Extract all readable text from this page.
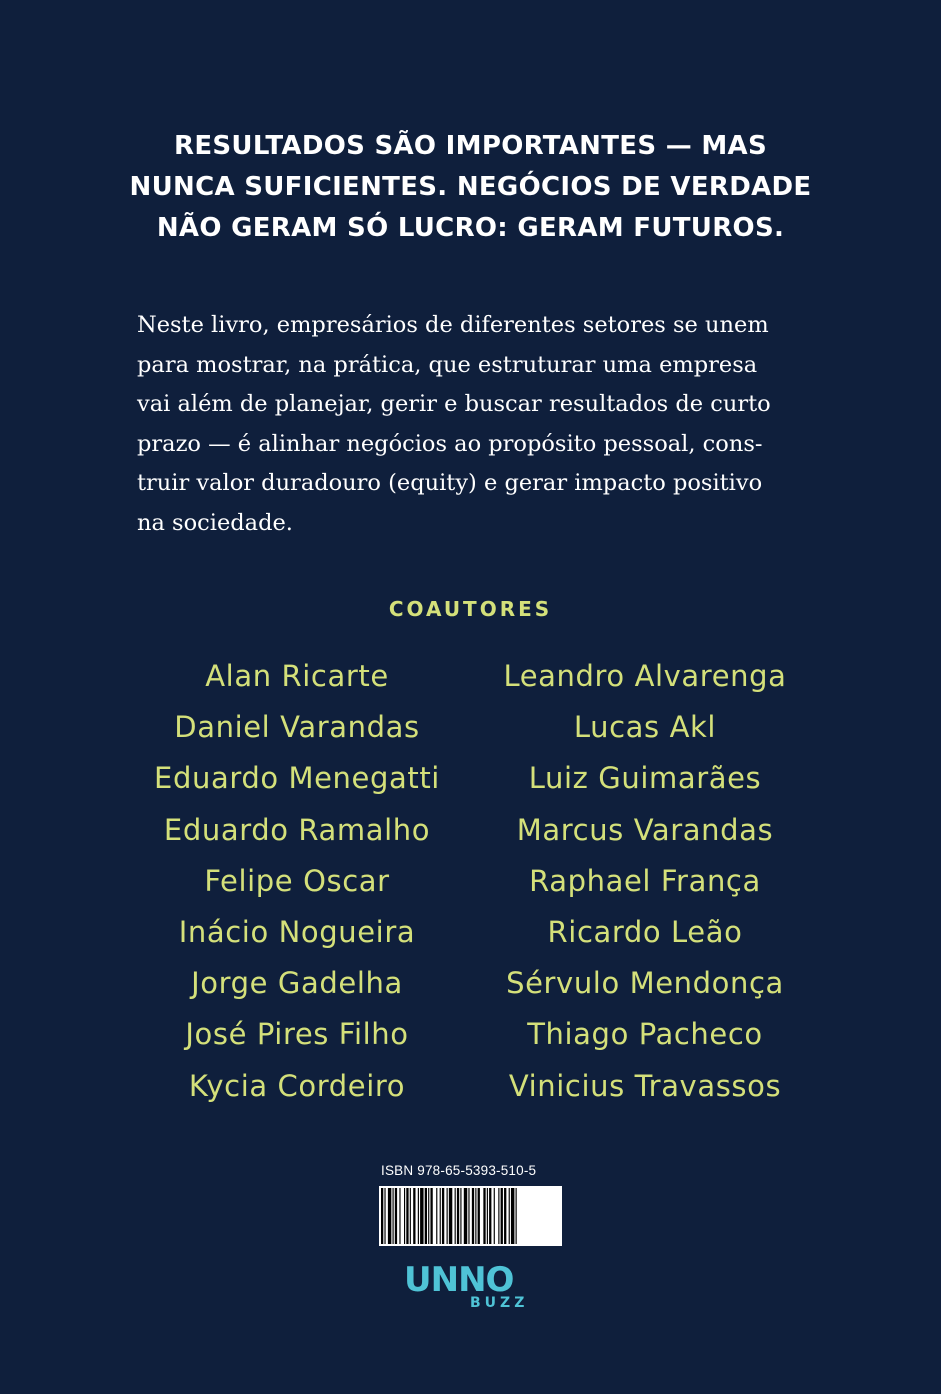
RESULTADOS SÃO IMPORTANTES — MAS
NUNCA SUFICIENTES. NEGÓCIOS DE VERDADE
NÃO GERAM SÓ LUCRO: GERAM FUTUROS.
Neste livro, empresários de diferentes setores se unem
para mostrar, na prática, que estruturar uma empresa
vai além de planejar, gerir e buscar resultados de curto
prazo — é alinhar negócios ao propósito pessoal, cons-
truir valor duradouro (equity) e gerar impacto positivo
na sociedade.
COAUTORES
Alan Ricarte
Daniel Varandas
Eduardo Menegatti
Eduardo Ramalho
Felipe Oscar
Inácio Nogueira
Jorge Gadelha
José Pires Filho
Kycia Cordeiro
Leandro Alvarenga
Lucas Akl
Luiz Guimarães
Marcus Varandas
Raphael França
Ricardo Leão
Sérvulo Mendonça
Thiago Pacheco
Vinicius Travassos
ISBN 978-65-5393-510-5
UNNO
BUZZ
